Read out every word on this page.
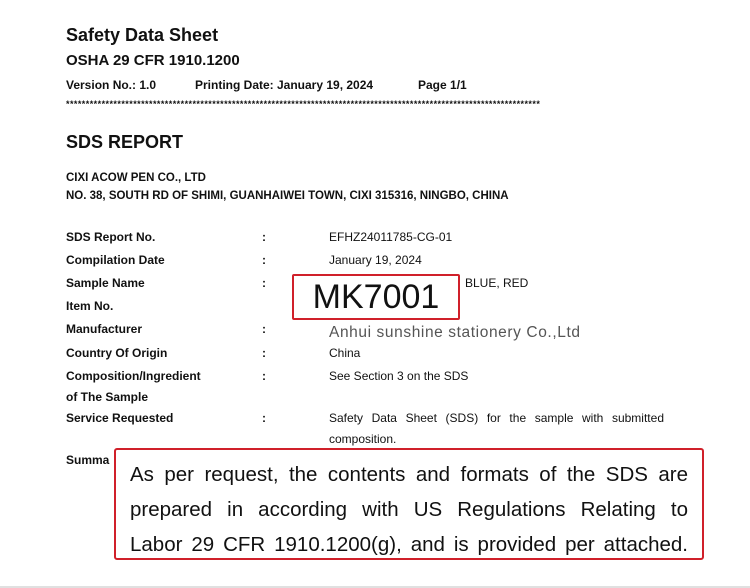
Safety Data Sheet
OSHA 29 CFR 1910.1200
Version No.: 1.0	Printing Date: January 19, 2024	Page 1/1
************************************************************************************************************************
SDS REPORT
CIXI ACOW PEN CO., LTD
NO. 38, SOUTH RD OF SHIMI, GUANHAIWEI TOWN, CIXI 315316, NINGBO, CHINA
SDS Report No.
Compilation Date
Sample Name
Item No.
Manufacturer
Country Of Origin
Composition/Ingredient
of The Sample
Service Requested
Summa
:
:
:
:
:
:
:
EFHZ24011785-CG-01
January 19, 2024
BLUE, RED
Anhui sunshine stationery Co.,Ltd
China
See Section 3 on the SDS
Safety Data Sheet (SDS) for the sample with submitted composition.
MK7001
As per request, the contents and formats of the SDS are
prepared in according with US Regulations Relating to
Labor 29 CFR 1910.1200(g), and is provided per attached.
